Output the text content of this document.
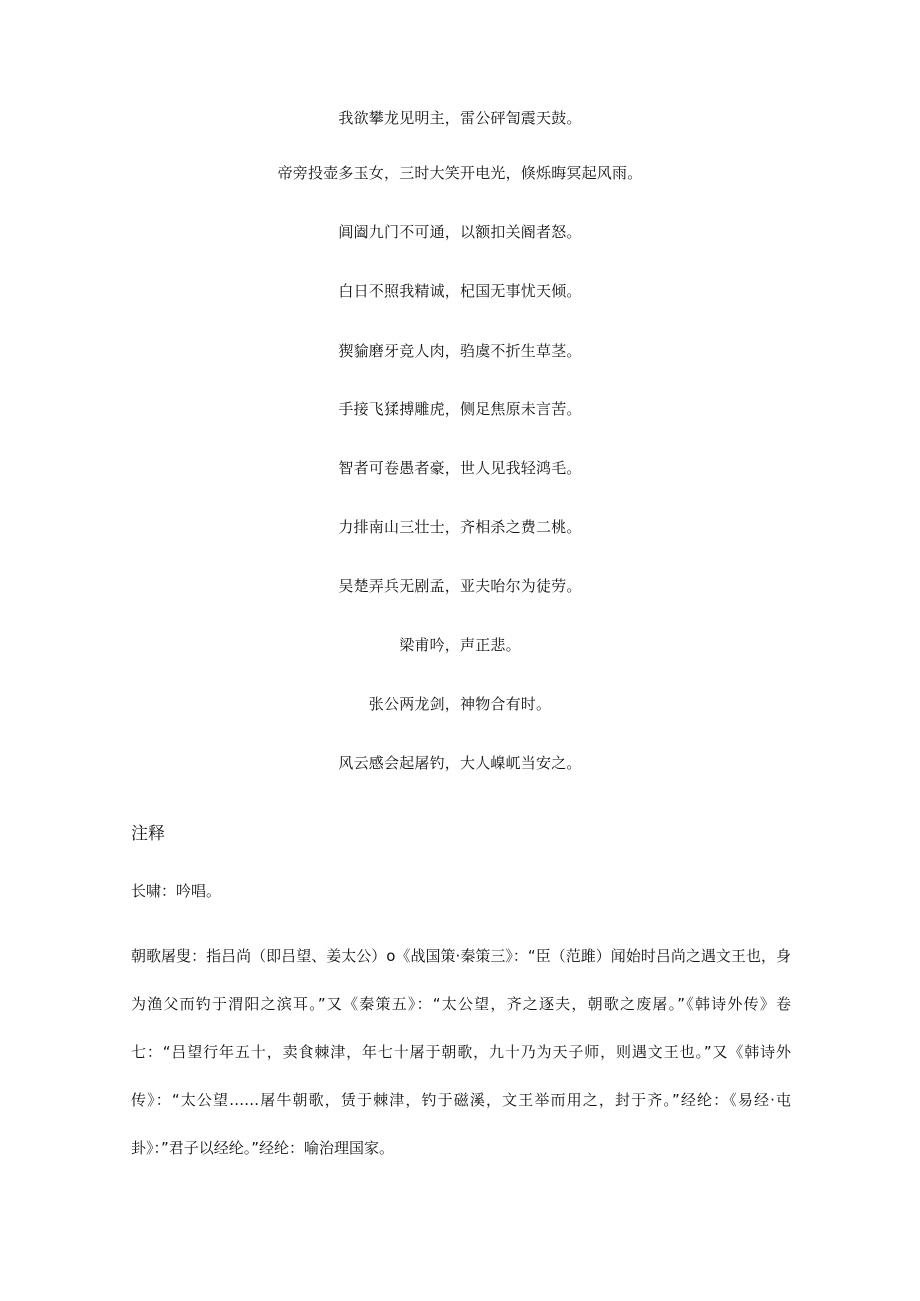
我欲攀龙见明主，雷公砰訇震天鼓。
帝旁投壶多玉女，三时大笑开电光，倏烁晦冥起风雨。
阊阖九门不可通，以额扣关阍者怒。
白日不照我精诚，杞国无事忧天倾。
猰貐磨牙竞人肉，驺虞不折生草茎。
手接飞猱搏雕虎，侧足焦原未言苦。
智者可卷愚者豪，世人见我轻鸿毛。
力排南山三壮士，齐相杀之费二桃。
吴楚弄兵无剧孟，亚夫咍尔为徒劳。
梁甫吟，声正悲。
张公两龙剑，神物合有时。
风云感会起屠钓，大人嵲屼当安之。
注释
长啸：吟唱。
朝歌屠叟：指吕尚（即吕望、姜太公）o《战国策·秦策三》：“臣（范雎）闻始时吕尚之遇文王也，身为渔父而钓于渭阳之滨耳。”又《秦策五》：“太公望，齐之逐夫，朝歌之废屠。”《韩诗外传》卷七：“吕望行年五十，卖食棘津，年七十屠于朝歌，九十乃为天子师，则遇文王也。”又《韩诗外传》：“太公望……屠牛朝歌，赁于棘津，钓于磁溪，文王举而用之，封于齐。”经纶：《易经·屯卦》：”君子以经纶。”经纶：喻治理国家。
